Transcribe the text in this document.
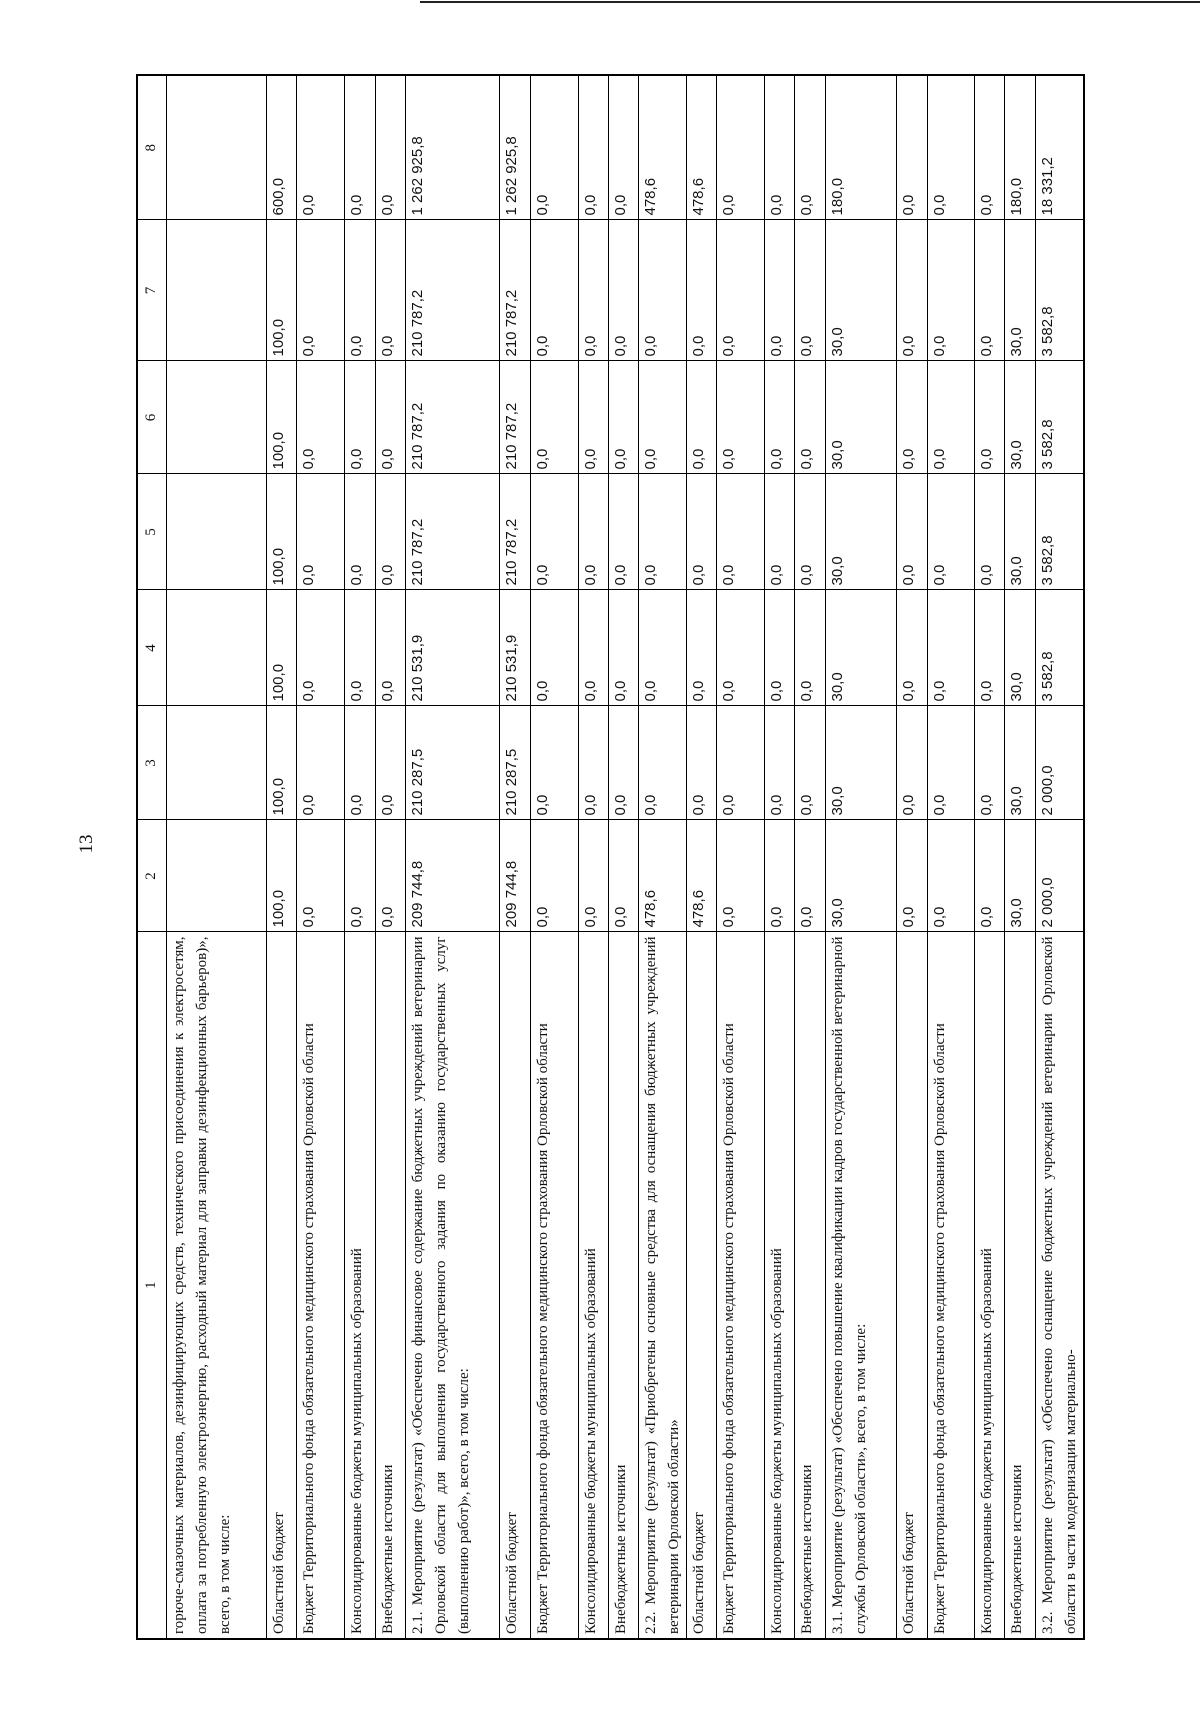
13
1	2	3	4	5	6	7	8
горюче-смазочных материалов, дезинфицирующих средств, технического присоединения к электросетям, оплата за потребленную электроэнергию, расходный материал для заправки дезинфекционных барьеров)», всего, в том числе:							
Областной бюджет	100,0	100,0	100,0	100,0	100,0	100,0	600,0
Бюджет Территориального фонда обязательного медицинского страхования Орловской области	0,0	0,0	0,0	0,0	0,0	0,0	0,0
Консолидированные бюджеты муниципальных образований	0,0	0,0	0,0	0,0	0,0	0,0	0,0
Внебюджетные источники	0,0	0,0	0,0	0,0	0,0	0,0	0,0
2.1. Мероприятие (результат) «Обеспечено финансовое содержание бюджетных учреждений ветеринарии Орловской области для выполнения государственного задания по оказанию государственных услуг (выполнению работ)», всего, в том числе:	209 744,8	210 287,5	210 531,9	210 787,2	210 787,2	210 787,2	1 262 925,8
Областной бюджет	209 744,8	210 287,5	210 531,9	210 787,2	210 787,2	210 787,2	1 262 925,8
Бюджет Территориального фонда обязательного медицинского страхования Орловской области	0,0	0,0	0,0	0,0	0,0	0,0	0,0
Консолидированные бюджеты муниципальных образований	0,0	0,0	0,0	0,0	0,0	0,0	0,0
Внебюджетные источники	0,0	0,0	0,0	0,0	0,0	0,0	0,0
2.2. Мероприятие (результат) «Приобретены основные средства для оснащения бюджетных учреждений ветеринарии Орловской области»	478,6	0,0	0,0	0,0	0,0	0,0	478,6
Областной бюджет	478,6	0,0	0,0	0,0	0,0	0,0	478,6
Бюджет Территориального фонда обязательного медицинского страхования Орловской области	0,0	0,0	0,0	0,0	0,0	0,0	0,0
Консолидированные бюджеты муниципальных образований	0,0	0,0	0,0	0,0	0,0	0,0	0,0
Внебюджетные источники	0,0	0,0	0,0	0,0	0,0	0,0	0,0
3.1. Мероприятие (результат) «Обеспечено повышение квалификации кадров государственной ветеринарной службы Орловской области», всего, в том числе:	30,0	30,0	30,0	30,0	30,0	30,0	180,0
Областной бюджет	0,0	0,0	0,0	0,0	0,0	0,0	0,0
Бюджет Территориального фонда обязательного медицинского страхования Орловской области	0,0	0,0	0,0	0,0	0,0	0,0	0,0
Консолидированные бюджеты муниципальных образований	0,0	0,0	0,0	0,0	0,0	0,0	0,0
Внебюджетные источники	30,0	30,0	30,0	30,0	30,0	30,0	180,0
3.2. Мероприятие (результат) «Обеспечено оснащение бюджетных учреждений ветеринарии Орловской области в части модернизации материально-	2 000,0	2 000,0	3 582,8	3 582,8	3 582,8	3 582,8	18 331,2
